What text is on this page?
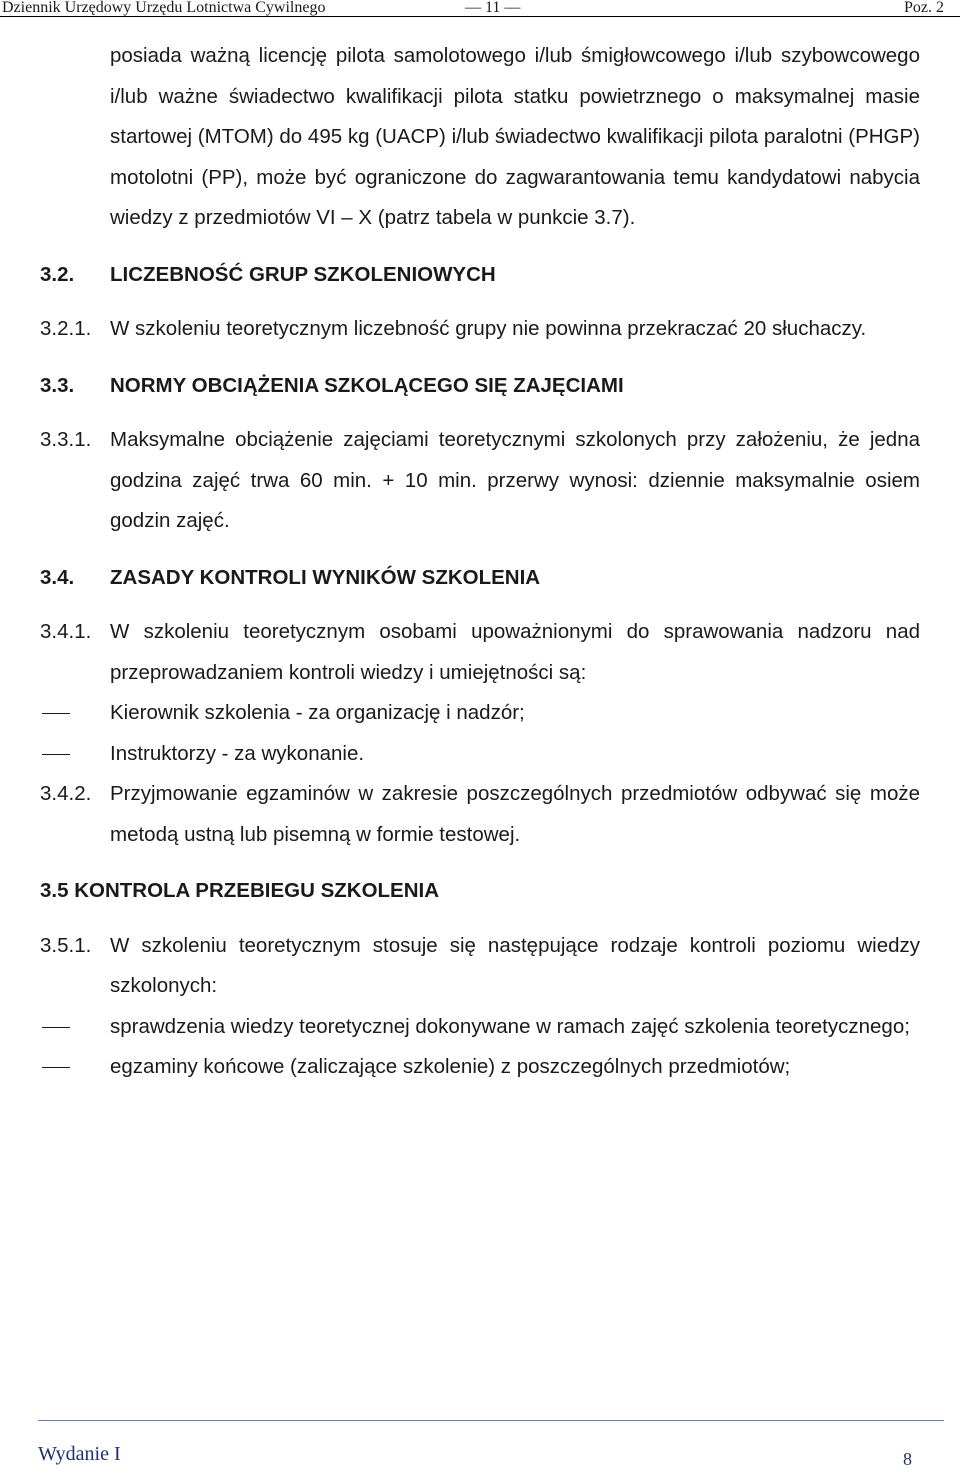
Dziennik Urzędowy Urzędu Lotnictwa Cywilnego	— 11 —	Poz. 2

posiada ważną licencję pilota samolotowego i/lub śmigłowcowego i/lub szybowcowego i/lub ważne świadectwo kwalifikacji pilota statku powietrznego o maksymalnej masie startowej (MTOM) do 495 kg (UACP) i/lub świadectwo kwalifikacji pilota paralotni (PHGP) motolotni (PP), może być ograniczone do zagwarantowania temu kandydatowi nabycia wiedzy z przedmiotów VI – X (patrz tabela w punkcie 3.7).

3.2. LICZEBNOŚĆ GRUP SZKOLENIOWYCH
3.2.1. W szkoleniu teoretycznym liczebność grupy nie powinna przekraczać 20 słuchaczy.
3.3. NORMY OBCIĄŻENIA SZKOLĄCEGO SIĘ ZAJĘCIAMI
3.3.1. Maksymalne obciążenie zajęciami teoretycznymi szkolonych przy założeniu, że jedna godzina zajęć trwa 60 min. + 10 min. przerwy wynosi: dziennie maksymalnie osiem godzin zajęć.
3.4. ZASADY KONTROLI WYNIKÓW SZKOLENIA
3.4.1. W szkoleniu teoretycznym osobami upoważnionymi do sprawowania nadzoru nad przeprowadzaniem kontroli wiedzy i umiejętności są:
Kierownik szkolenia - za organizację i nadzór;
Instruktorzy - za wykonanie.
3.4.2. Przyjmowanie egzaminów w zakresie poszczególnych przedmiotów odbywać się może metodą ustną lub pisemną w formie testowej.
3.5 KONTROLA PRZEBIEGU SZKOLENIA
3.5.1. W szkoleniu teoretycznym stosuje się następujące rodzaje kontroli poziomu wiedzy szkolonych:
sprawdzenia wiedzy teoretycznej dokonywane w ramach zajęć szkolenia teoretycznego;
egzaminy końcowe (zaliczające szkolenie) z poszczególnych przedmiotów;
Wydanie I	8
